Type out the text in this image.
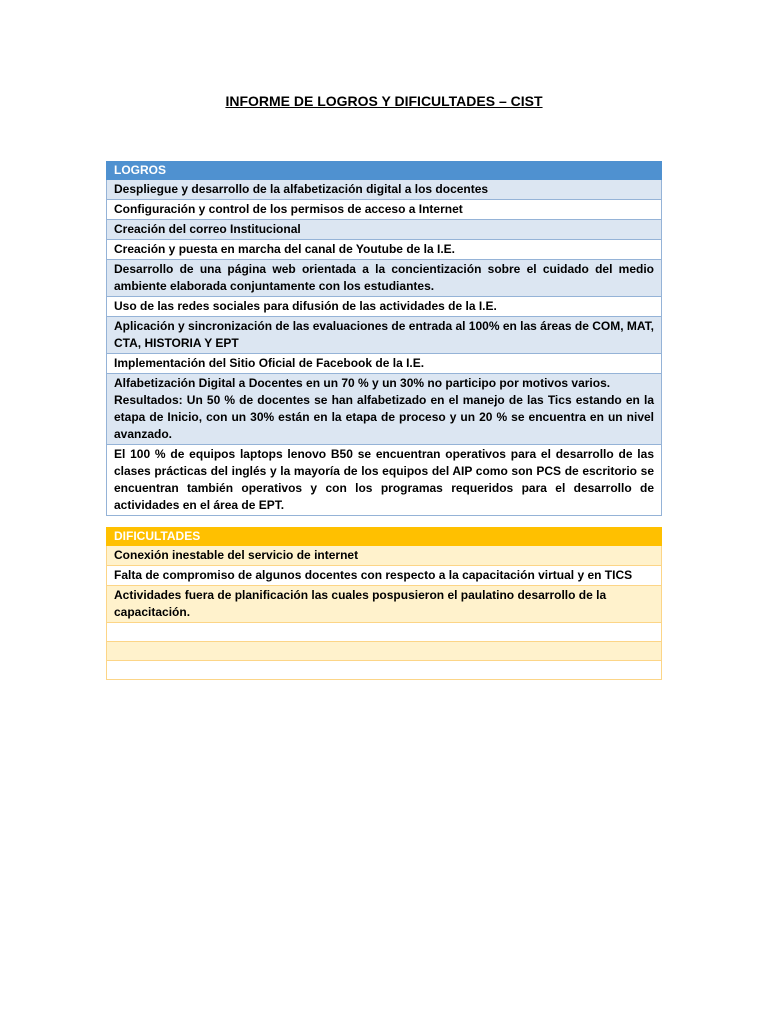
INFORME DE LOGROS Y DIFICULTADES – CIST
LOGROS
Despliegue y desarrollo de la alfabetización digital a los docentes
Configuración y control de los permisos de acceso a Internet
Creación del correo Institucional
Creación y puesta en marcha del canal de Youtube de la I.E.
Desarrollo de una página web orientada a la concientización sobre el cuidado del medio ambiente elaborada conjuntamente con los estudiantes.
Uso de las redes sociales para difusión de las actividades de la I.E.
Aplicación y sincronización de las evaluaciones de entrada al 100% en las áreas de COM, MAT, CTA, HISTORIA Y EPT
Implementación del Sitio Oficial de Facebook de la I.E.

Alfabetización Digital a Docentes en un 70 % y un 30% no participo por motivos varios.
Resultados: Un 50 % de docentes se han alfabetizado en el manejo de las Tics estando en la etapa de Inicio, con un 30% están en la etapa de proceso y un 20 % se encuentra en un nivel avanzado.

El 100 % de equipos laptops lenovo B50 se encuentran operativos para el desarrollo de las clases prácticas del inglés y la mayoría de los equipos del AIP como son PCS de escritorio se encuentran también operativos y con los programas requeridos para el desarrollo de actividades en el área de EPT.
DIFICULTADES
Conexión inestable del servicio de internet
Falta de compromiso de algunos docentes con respecto a la capacitación virtual y en TICS
Actividades fuera de planificación las cuales pospusieron el paulatino desarrollo de la capacitación.
